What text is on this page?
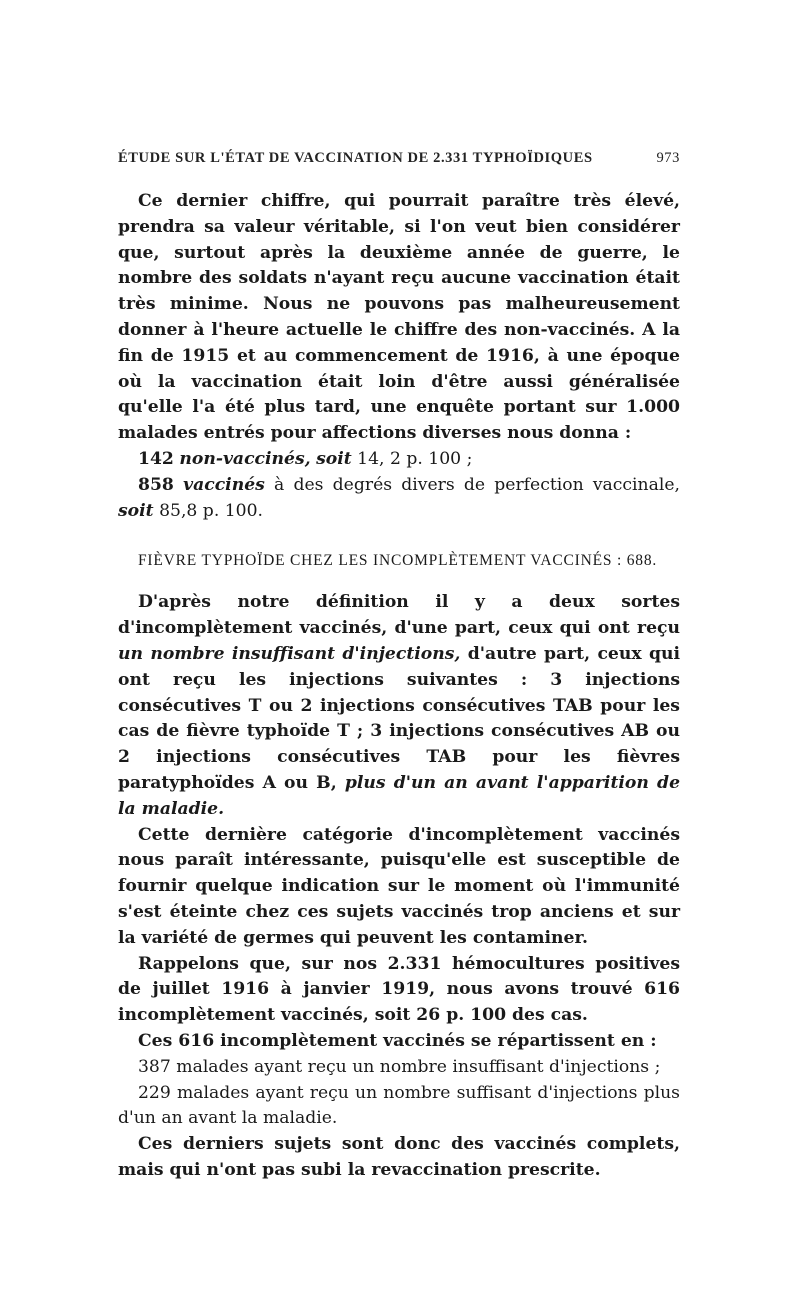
ÉTUDE SUR L'ÉTAT DE VACCINATION DE 2.331 TYPHOÏDIQUES	973

Ce dernier chiffre, qui pourrait paraître très élevé, prendra sa valeur véritable, si l'on veut bien considérer que, surtout après la deuxième année de guerre, le nombre des soldats n'ayant reçu aucune vaccination était très minime. Nous ne pouvons pas malheureusement donner à l'heure actuelle le chiffre des non-vaccinés. A la fin de 1915 et au commencement de 1916, à une époque où la vaccination était loin d'être aussi généralisée qu'elle l'a été plus tard, une enquête portant sur 1.000 malades entrés pour affections diverses nous donna :

142 non-vaccinés, soit 14, 2 p. 100 ;

858 vaccinés à des degrés divers de perfection vaccinale, soit 85,8 p. 100.

FIÈVRE TYPHOÏDE CHEZ LES INCOMPLÈTEMENT VACCINÉS : 688.

D'après notre définition il y a deux sortes d'incomplètement vaccinés, d'une part, ceux qui ont reçu un nombre insuffisant d'injections, d'autre part, ceux qui ont reçu les injections suivantes : 3 injections consécutives T ou 2 injections consécutives TAB pour les cas de fièvre typhoïde T ; 3 injections consécutives AB ou 2 injections consécutives TAB pour les fièvres paratyphoïdes A ou B, plus d'un an avant l'apparition de la maladie.

Cette dernière catégorie d'incomplètement vaccinés nous paraît intéressante, puisqu'elle est susceptible de fournir quelque indication sur le moment où l'immunité s'est éteinte chez ces sujets vaccinés trop anciens et sur la variété de germes qui peuvent les contaminer.

Rappelons que, sur nos 2.331 hémocultures positives de juillet 1916 à janvier 1919, nous avons trouvé 616 incomplètement vaccinés, soit 26 p. 100 des cas.

Ces 616 incomplètement vaccinés se répartissent en :

387 malades ayant reçu un nombre insuffisant d'injections ;

229 malades ayant reçu un nombre suffisant d'injections plus d'un an avant la maladie.

Ces derniers sujets sont donc des vaccinés complets, mais qui n'ont pas subi la revaccination prescrite.
